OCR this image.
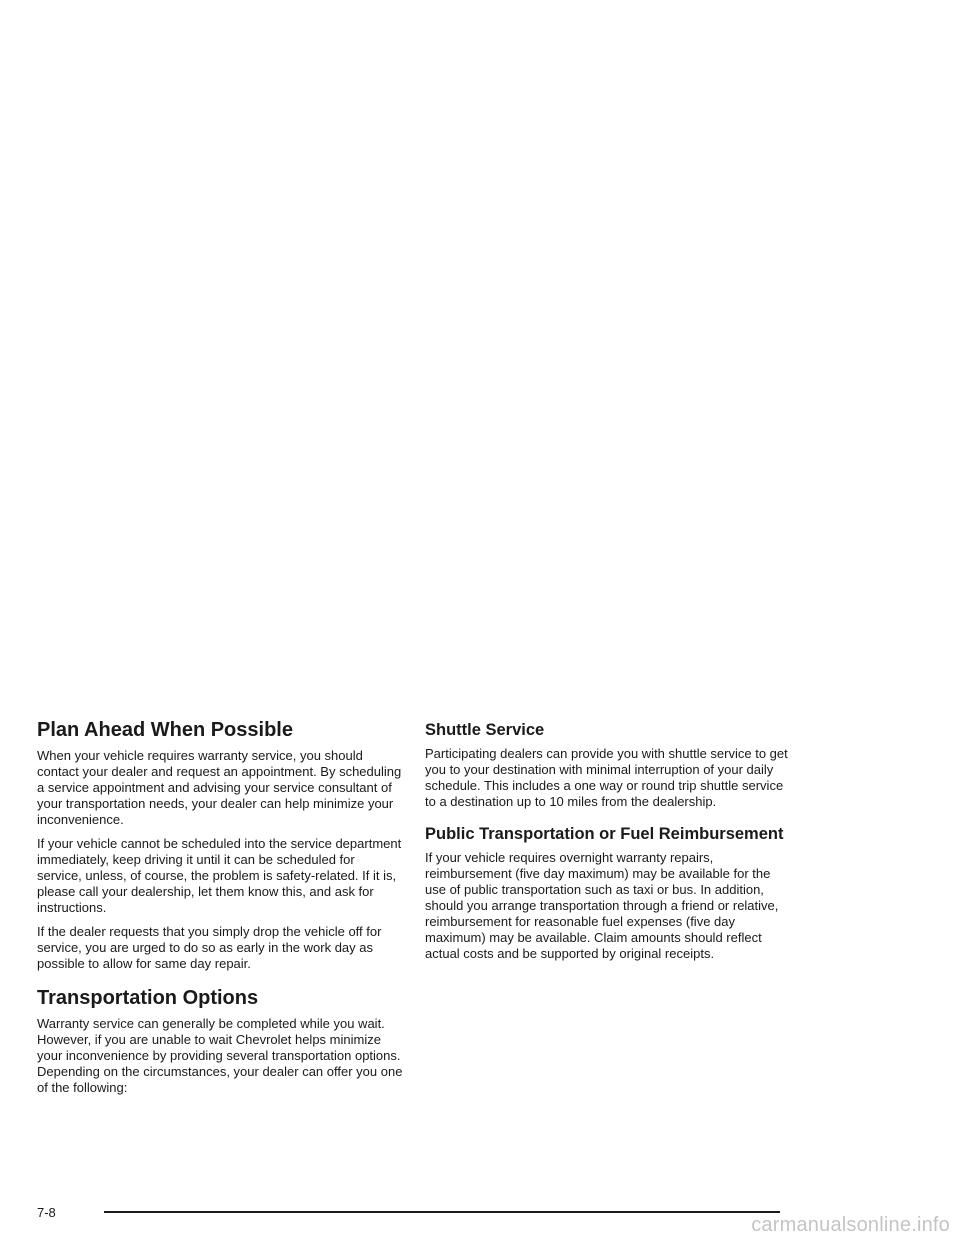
Plan Ahead When Possible

When your vehicle requires warranty service, you should contact your dealer and request an appointment. By scheduling a service appointment and advising your service consultant of your transportation needs, your dealer can help minimize your inconvenience.

If your vehicle cannot be scheduled into the service department immediately, keep driving it until it can be scheduled for service, unless, of course, the problem is safety-related. If it is, please call your dealership, let them know this, and ask for instructions.

If the dealer requests that you simply drop the vehicle off for service, you are urged to do so as early in the work day as possible to allow for same day repair.

Transportation Options

Warranty service can generally be completed while you wait. However, if you are unable to wait Chevrolet helps minimize your inconvenience by providing several transportation options. Depending on the circumstances, your dealer can offer you one of the following:

Shuttle Service

Participating dealers can provide you with shuttle service to get you to your destination with minimal interruption of your daily schedule. This includes a one way or round trip shuttle service to a destination up to 10 miles from the dealership.

Public Transportation or Fuel Reimbursement

If your vehicle requires overnight warranty repairs, reimbursement (five day maximum) may be available for the use of public transportation such as taxi or bus. In addition, should you arrange transportation through a friend or relative, reimbursement for reasonable fuel expenses (five day maximum) may be available. Claim amounts should reflect actual costs and be supported by original receipts.

7-8
carmanualsonline.info
